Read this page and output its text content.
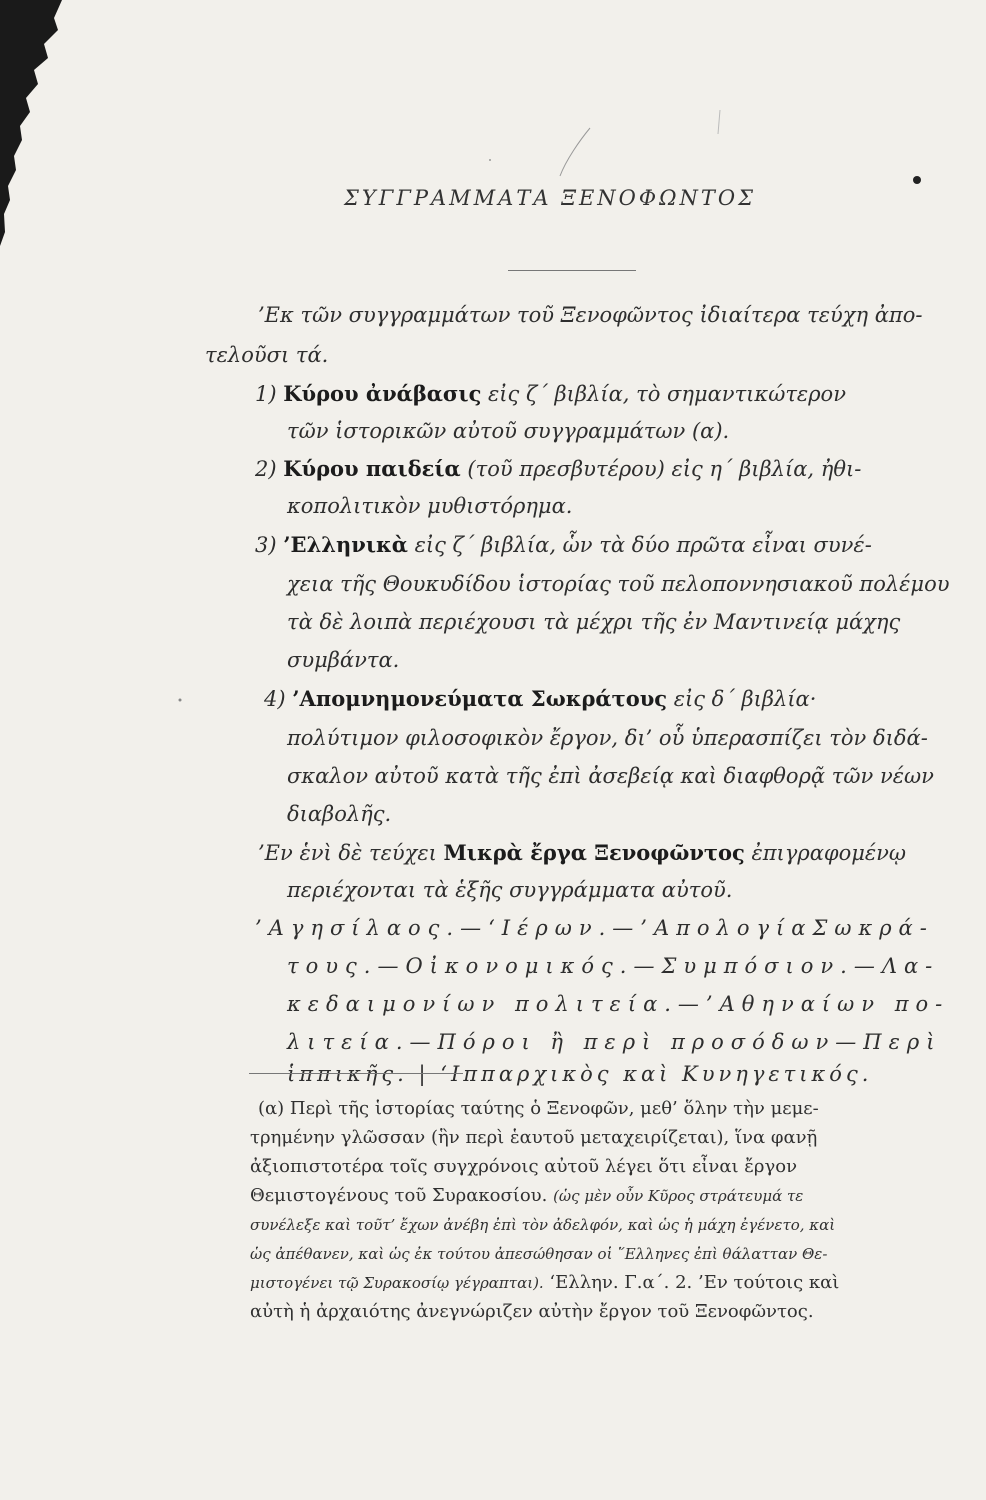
ΣΥΓΓΡΑΜΜΑΤΑ ΞΕΝΟΦΩΝΤΟΣ
’Εκ τῶν συγγραμμάτων τοῦ Ξενοφῶντος ἰδιαίτερα τεύχη ἀπο-
τελοῦσι τά.
1) Κύρου ἀνάβασις εἰς ζ΄ βιβλία, τὸ σημαντικώτερον
τῶν ἱστορικῶν αὐτοῦ συγγραμμάτων (α).
2) Κύρου παιδεία (τοῦ πρεσβυτέρου) εἰς η΄ βιβλία, ἠθι-
κοπολιτικὸν μυθιστόρημα.
3) ’Ελληνικὰ εἰς ζ΄ βιβλία, ὧν τὰ δύο πρῶτα εἶναι συνέ-
χεια τῆς Θουκυδίδου ἱστορίας τοῦ πελοποννησιακοῦ πολέμου
τὰ δὲ λοιπὰ περιέχουσι τὰ μέχρι τῆς ἐν Μαντινείᾳ μάχης
συμβάντα.
4) ’Απομνημονεύματα Σωκράτους εἰς δ΄ βιβλία·
πολύτιμον φιλοσοφικὸν ἔργον, δι’ οὗ ὑπερασπίζει τὸν διδά-
σκαλον αὐτοῦ κατὰ τῆς ἐπὶ ἀσεβείᾳ καὶ διαφθορᾷ τῶν νέων
διαβολῆς.
’Εν ἑνὶ δὲ τεύχει Μικρὰ ἔργα Ξενοφῶντος ἐπιγραφομένῳ
περιέχονται τὰ ἑξῆς συγγράμματα αὐτοῦ.
’Αγησίλαος.—‘Ιέρων.—’ΑπολογίαΣωκρά-
τους.—Οἰκονομικός.—Συμπόσιον.—Λα-
κεδαιμονίων πολιτεία.—’Αθηναίων πο-
λιτεία.—Πόροι ἢ περὶ προσόδων—Περὶ
ἱππικῆς. | ‘Ιππαρχικὸς καὶ Κυνηγετικός.
(α) Περὶ τῆς ἱστορίας ταύτης ὁ Ξενοφῶν, μεθ’ ὅλην τὴν μεμε-
τρημένην γλῶσσαν (ἣν περὶ ἑαυτοῦ μεταχειρίζεται), ἵνα φανῇ
ἀξιοπιστοτέρα τοῖς συγχρόνοις αὐτοῦ λέγει ὅτι εἶναι ἔργον
Θεμιστογένους τοῦ Συρακοσίου. (ὡς μὲν οὖν Κῦρος στράτευμά τε
συνέλεξε καὶ τοῦτ’ ἔχων ἀνέβη ἐπὶ τὸν ἀδελφόν, καὶ ὡς ἡ μάχη ἐγένετο, καὶ
ὡς ἀπέθανεν, καὶ ὡς ἐκ τούτου ἀπεσώθησαν οἱ ῞Ελληνες ἐπὶ θάλατταν Θε-
μιστογένει τῷ Συρακοσίῳ γέγραπται). ‘Ελλην. Γ.α΄. 2. ’Εν τούτοις καὶ
αὐτὴ ἡ ἀρχαιότης ἀνεγνώριζεν αὐτὴν ἔργον τοῦ Ξενοφῶντος.
